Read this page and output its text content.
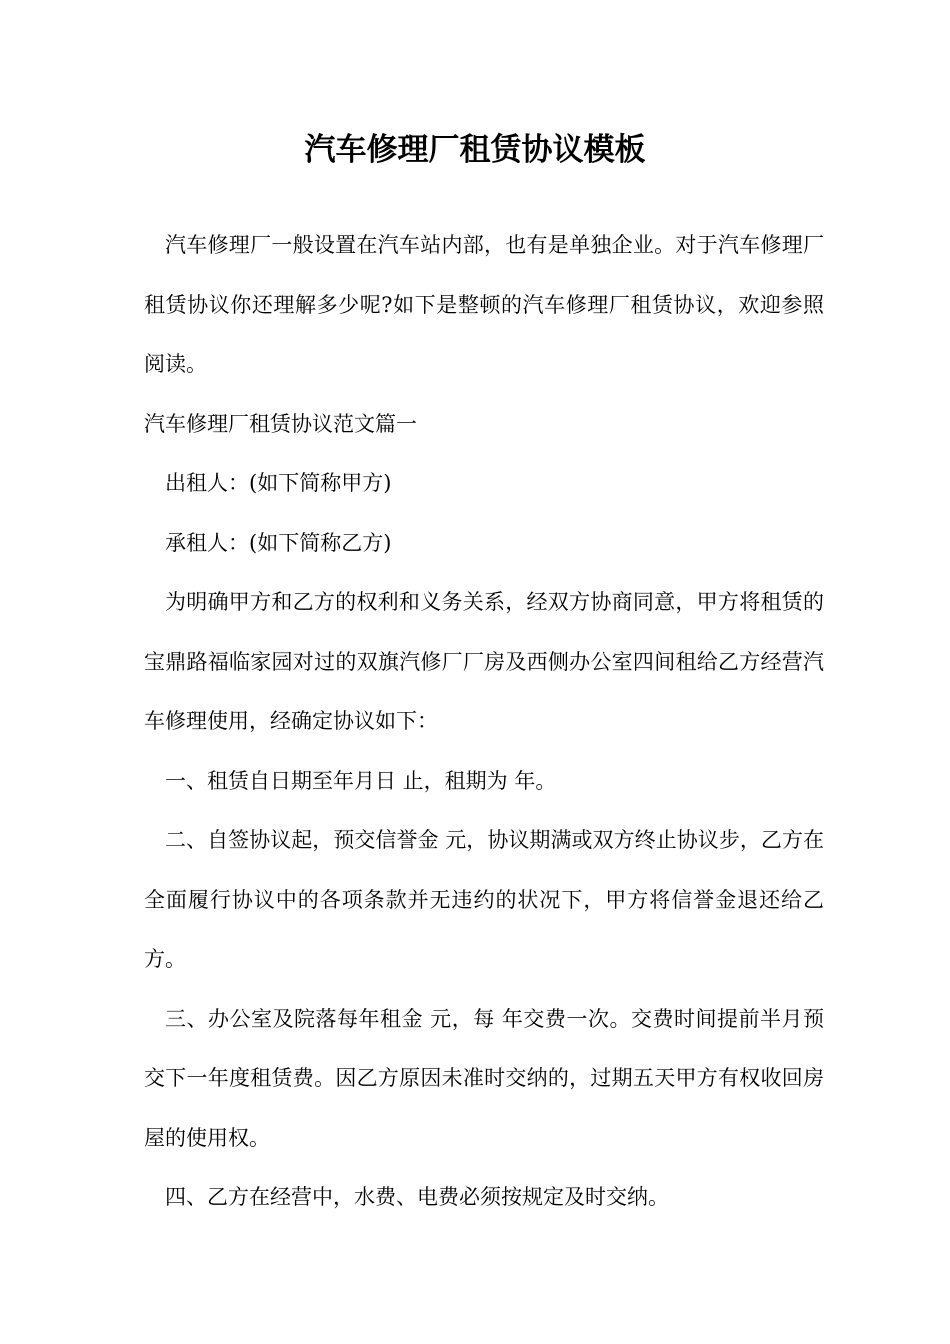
汽车修理厂租赁协议模板

汽车修理厂一般设置在汽车站内部，也有是单独企业。对于汽车修理厂租赁协议你还理解多少呢?如下是整顿的汽车修理厂租赁协议，欢迎参照阅读。

汽车修理厂租赁协议范文篇一

出租人：(如下简称甲方)

承租人：(如下简称乙方)

为明确甲方和乙方的权利和义务关系，经双方协商同意，甲方将租赁的宝鼎路福临家园对过的双旗汽修厂厂房及西侧办公室四间租给乙方经营汽车修理使用，经确定协议如下：

一、租赁自日期至年月日 止，租期为 年。

二、自签协议起，预交信誉金 元，协议期满或双方终止协议步，乙方在全面履行协议中的各项条款并无违约的状况下，甲方将信誉金退还给乙方。

三、办公室及院落每年租金 元，每 年交费一次。交费时间提前半月预交下一年度租赁费。因乙方原因未准时交纳的，过期五天甲方有权收回房屋的使用权。

四、乙方在经营中，水费、电费必须按规定及时交纳。
